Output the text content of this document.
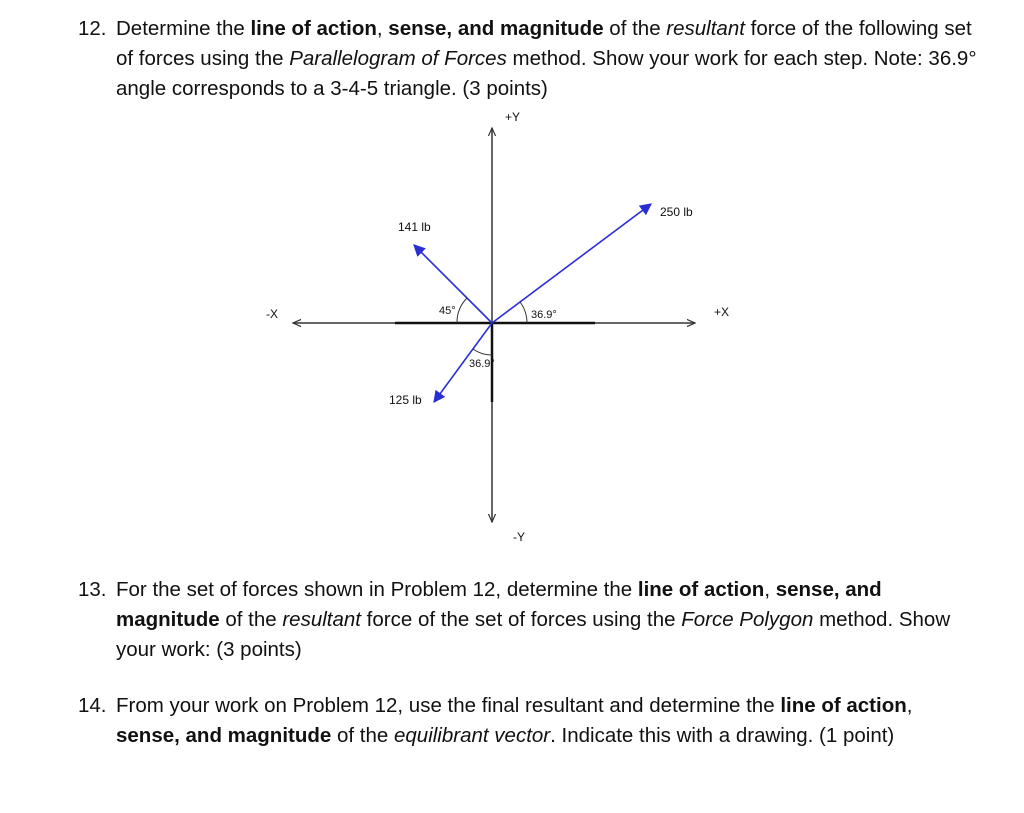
12. Determine the line of action, sense, and magnitude of the resultant force of the following set of forces using the Parallelogram of Forces method. Show your work for each step. Note: 36.9° angle corresponds to a 3-4-5 triangle. (3 points)
+Y
-Y
+X
-X
250 lb
141 lb
125 lb
36.9°
45°
36.9°
13. For the set of forces shown in Problem 12, determine the line of action, sense, and magnitude of the resultant force of the set of forces using the Force Polygon method. Show your work: (3 points)
14. From your work on Problem 12, use the final resultant and determine the line of action, sense, and magnitude of the equilibrant vector. Indicate this with a drawing. (1 point)
